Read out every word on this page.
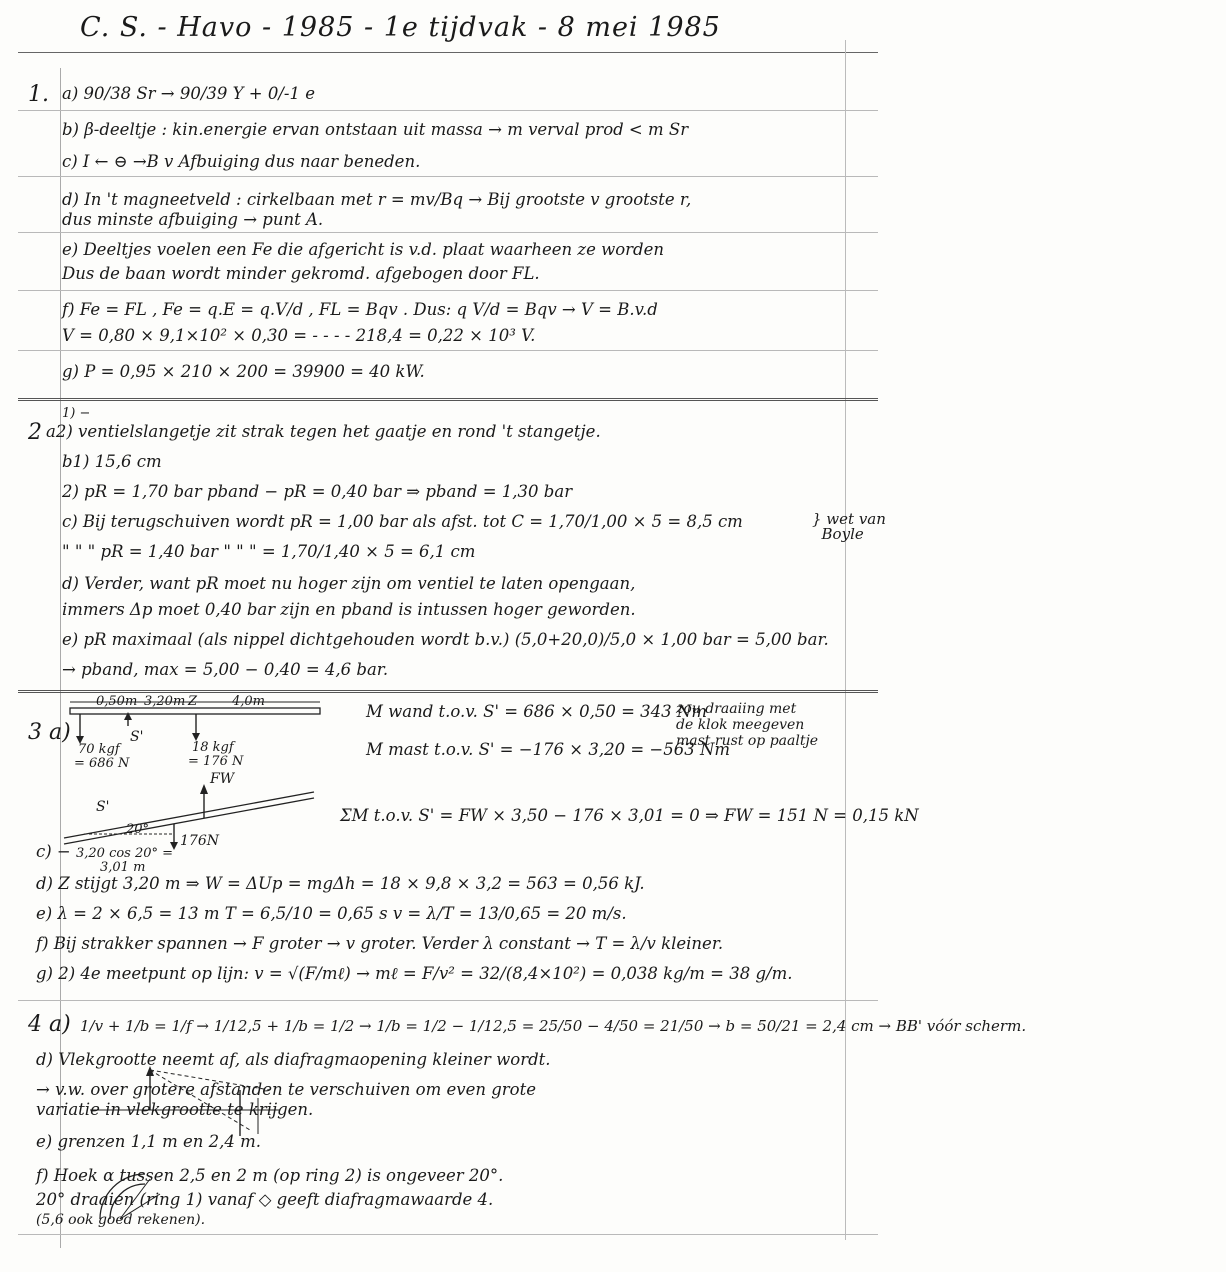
C. S. - Havo - 1985 - 1e tijdvak - 8 mei 1985
1. a) 90/38 Sr → 90/39 Y + 0/-1 e
b) β-deeltje : kin.energie ervan ontstaan uit massa → m verval prod < m Sr
c) I ← ⊖ →B v Afbuiging dus naar beneden.
d) In 't magneetveld : cirkelbaan met r = mv/Bq → Bij grootste v grootste r,
dus minste afbuiging → punt A.
e) Deeltjes voelen een Fe die afgericht is v.d. plaat waarheen ze worden
Dus de baan wordt minder gekromd. afgebogen door FL.
f) Fe = FL , Fe = q.E = q.V/d , FL = Bqv . Dus: q V/d = Bqv → V = B.v.d
V = 0,80 × 9,1×10² × 0,30 = - - - - 218,4 = 0,22 × 10³ V.
g) P = 0,95 × 210 × 200 = 39900 = 40 kW.
2
1) −
a2) ventielslangetje zit strak tegen het gaatje en rond 't stangetje.
b1) 15,6 cm
2) pR = 1,70 bar pband − pR = 0,40 bar ⇒ pband = 1,30 bar
c) Bij terugschuiven wordt pR = 1,00 bar als afst. tot C = 1,70/1,00 × 5 = 8,5 cm
" " " pR = 1,40 bar " " " = 1,70/1,40 × 5 = 6,1 cm
} wet van
Boyle
d) Verder, want pR moet nu hoger zijn om ventiel te laten opengaan,
immers Δp moet 0,40 bar zijn en pband is intussen hoger geworden.
e) pR maximaal (als nippel dichtgehouden wordt b.v.) (5,0+20,0)/5,0 × 1,00 bar = 5,00 bar.
→ pband, max = 5,00 − 0,40 = 4,6 bar.
3 a)
0,50m 3,20m Z	4,0m
S'
70 kgf
= 686 N
18 kgf
= 176 N
M wand t.o.v. S' = 686 × 0,50 = 343 Nm
M mast t.o.v. S' = −176 × 3,20 = −563 Nm
zou draaiing met
de klok meegeven
mast rust op paaltje
FW
S'
20°
176N
3,20 cos 20° =
3,01 m
ΣM t.o.v. S' = FW × 3,50 − 176 × 3,01 = 0 ⇒ FW = 151 N = 0,15 kN
c) −
d) Z stijgt 3,20 m ⇒ W = ΔUp = mgΔh = 18 × 9,8 × 3,2 = 563 = 0,56 kJ.
e) λ = 2 × 6,5 = 13 m T = 6,5/10 = 0,65 s v = λ/T = 13/0,65 = 20 m/s.
f) Bij strakker spannen → F groter → v groter. Verder λ constant → T = λ/v kleiner.
g) 2) 4e meetpunt op lijn: v = √(F/mℓ) → mℓ = F/v² = 32/(8,4×10²) = 0,038 kg/m = 38 g/m.
4 a) 1/v + 1/b = 1/f → 1/12,5 + 1/b = 1/2 → 1/b = 1/2 − 1/12,5 = 25/50 − 4/50 = 21/50 → b = 50/21 = 2,4 cm → BB' vóór scherm.
d) Vlekgrootte neemt af, als diafragmaopening kleiner wordt.
→ v.w. over grotere afstanden te verschuiven om even grote
variatie in vlekgrootte te krijgen.
e) grenzen 1,1 m en 2,4 m.
f) Hoek α tussen 2,5 en 2 m (op ring 2) is ongeveer 20°.
20° draaien (ring 1) vanaf ◇ geeft diafragmawaarde 4.
(5,6 ook goed rekenen).
